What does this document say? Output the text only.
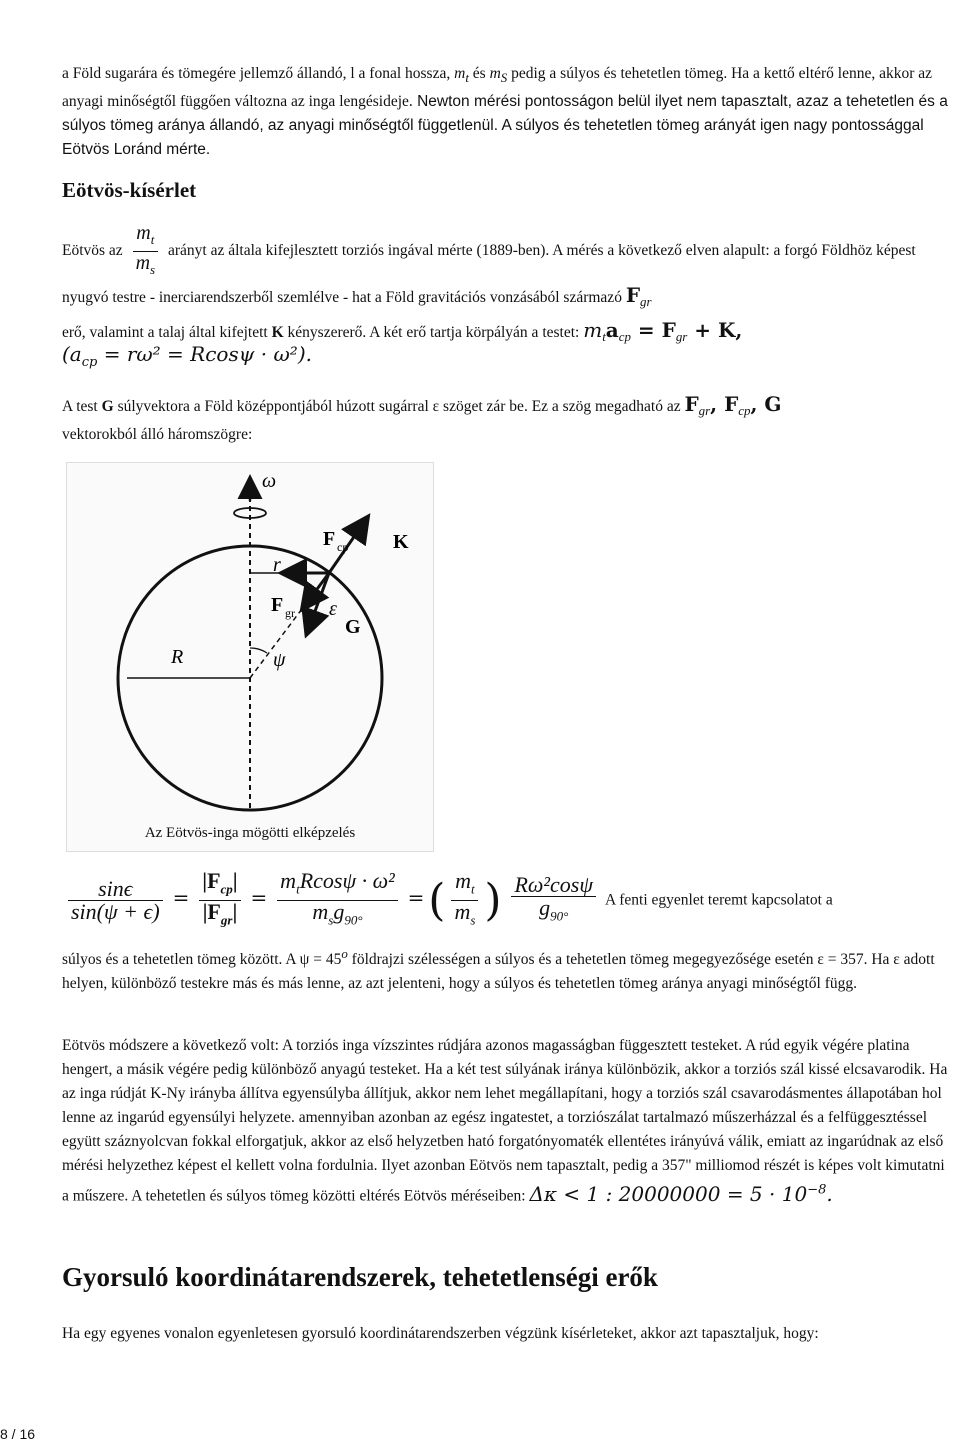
a Föld sugarára és tömegére jellemző állandó, l a fonal hossza, $m_t$ és $m_S$ pedig a súlyos és tehetetlen tömeg. Ha a kettő eltérő lenne, akkor az anyagi minőségtől függően változna az inga lengésideje. Newton mérési pontosságon belül ilyet nem tapasztalt, azaz a tehetetlen és a súlyos tömeg aránya állandó, az anyagi minőségtől függetlenül. A súlyos és tehetetlen tömeg arányát igen nagy pontossággal Eötvös Loránd mérte.
Eötvös-kísérlet
Eötvös az $\frac{m_t}{m_s}$ arányt az általa kifejlesztett torziós ingával mérte (1889-ben). A mérés a következő elven alapult: a forgó Földhöz képest nyugvó testre - inerciarendszerből szemlélve - hat a Föld gravitációs vonzásából származó $F_{gr}$
erő, valamint a talaj által kifejtett K kényszererő. A két erő tartja körpályán a testet: $m_ta_{cp} = F_{gr} + K$,
$(a_{cp} = r\omega^2 = Rcos\psi \cdot \omega^2)$.
A test G súlyvektora a Föld középpontjából húzott sugárral ε szöget zár be. Ez a szög megadható az $F_{gr}$, $F_{cp}$, G
vektorokból álló háromszögre:
ω
F cp K
r
F gr ε
G
R	ψ
Az Eötvös-inga mögötti elképzelés
$\frac{\sin\epsilon}{\sin(\psi + \epsilon)} = \frac{|F_{cp}|}{|F_{gr}|} = \frac{m_tRcos\psi \cdot \omega^2}{m_sg_{90^\circ}}$ = ( $\frac{m_t}{m_s}$ ) $\frac{\text{Rω²cosψ}}{g_{90^\circ}}$ A fenti egyenlet teremt kapcsolatot a
súlyos és a tehetetlen tömeg között. A $\psi = 45^o$ földrajzi szélességen a súlyos és a tehetetlen tömeg megegyezősége esetén ε = 357. Ha ε adott helyen, különböző testekre más és más lenne, az azt jelenteni, hogy a súlyos és tehetetlen tömeg aránya anyagi minőségtől függ.
Eötvös módszere a következő volt: A torziós inga vízszintes rúdjára azonos magasságban függesztett testeket. A rúd egyik végére platina hengert, a másik végére pedig különböző anyagú testeket. Ha a két test súlyának iránya különbözik, akkor a torziós szál kissé elcsavarodik. Ha az inga rúdját K-Ny irányba állítva egyensúlyba állítjuk, akkor nem lehet megállapítani, hogy a torziós szál csavarodásmentes állapotában hol lenne az ingarúd egyensúlyi helyzete. amennyiban azonban az egész ingatestet, a torziószálat tartalmazó műszerházzal és a felfüggesztéssel együtt száznyolcvan fokkal elforgatjuk, akkor az első helyzetben ható forgatónyomaték ellentétes irányúvá válik, emiatt az ingarúdnak az első mérési helyzethez képest el kellett volna fordulnia. Ilyet azonban Eötvös nem tapasztalt, pedig a 357" milliomod részét is képes volt kimutatni a műszere. A tehetetlen és súlyos tömeg közötti eltérés Eötvös méréseiben: Δκ < 1 : $20000000 = 5 \cdot 10^{-8}$.
Gyorsuló koordinátarendszerek, tehetetlenségi erők
Ha egy egyenes vonalon egyenletesen gyorsuló koordinátarendszerben végzünk kísérleteket, akkor azt tapasztaljuk, hogy:
8 / 16
